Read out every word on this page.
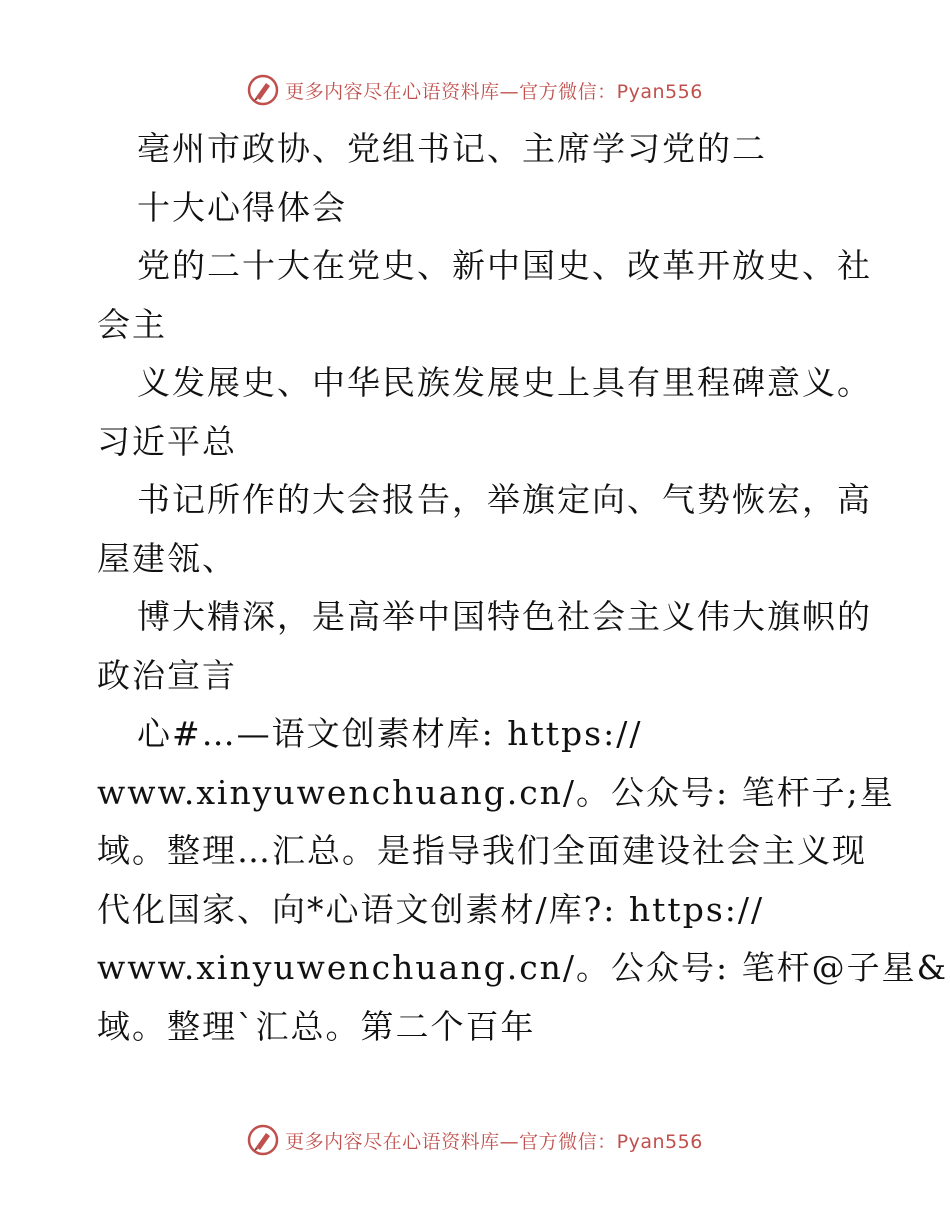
更多内容尽在心语资料库—官方微信：Pyan556
亳州市政协、党组书记、主席学习党的二
十大心得体会
党的二十大在党史、新中国史、改革开放史、社
会主
义发展史、中华民族发展史上具有里程碑意义。
习近平总
书记所作的大会报告，举旗定向、气势恢宏，高
屋建瓴、
博大精深，是高举中国特色社会主义伟大旗帜的
政治宣言
心#…—语文创素材库: https://
www.xinyuwenchuang.cn/。公众号: 笔杆子;星
域。整理…汇总。是指导我们全面建设社会主义现
代化国家、向*心语文创素材/库?: https://
www.xinyuwenchuang.cn/。公众号: 笔杆@子星&
域。整理`汇总。第二个百年
更多内容尽在心语资料库—官方微信：Pyan556
